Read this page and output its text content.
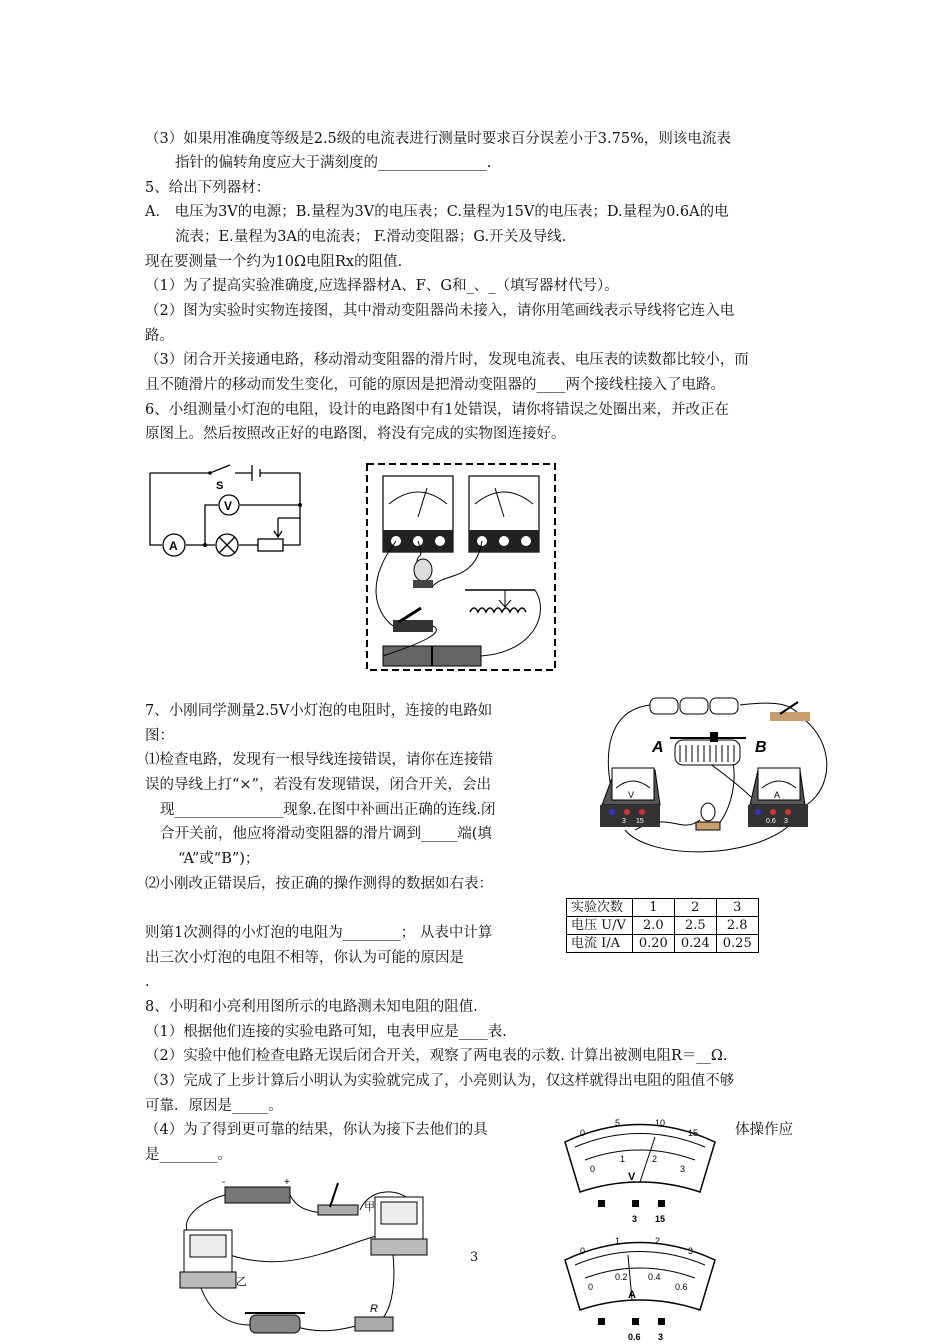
（3）如果用准确度等级是2.5级的电流表进行测量时要求百分误差小于3.75%，则该电流表
指针的偏转角度应大于满刻度的_______________.
5、给出下列器材：
A． 电压为3V的电源；B.量程为3V的电压表；C.量程为15V的电压表；D.量程为0.6A的电
流表；E.量程为3A的电流表； F.滑动变阻器；G.开关及导线.
现在要测量一个约为10Ω电阻Rx的阻值.
（1）为了提高实验准确度,应选择器材A、F、G和_、_（填写器材代号）。
（2）图为实验时实物连接图，其中滑动变阻器尚未接入，请你用笔画线表示导线将它连入电
路。
（3）闭合开关接通电路，移动滑动变阻器的滑片时，发现电流表、电压表的读数都比较小，而
且不随滑片的移动而发生变化，可能的原因是把滑动变阻器的____两个接线柱接入了电路。
6、小组测量小灯泡的电阻，设计的电路图中有1处错误，请你将错误之处圈出来，并改正在
原图上。然后按照改正好的电路图，将没有完成的实物图连接好。
7、小刚同学测量2.5V小灯泡的电阻时，连接的电路如
图：
⑴检查电路，发现有一根导线连接错误，请你在连接错
误的导线上打“×”，若没有发现错误，闭合开关，会出
现_______________现象.在图中补画出正确的连线.闭
合开关前，他应将滑动变阻器的滑片调到_____端(填
“A”或“B”)；
⑵小刚改正错误后，按正确的操作测得的数据如右表：
则第1次测得的小灯泡的电阻为________； 从表中计算
出三次小灯泡的电阻不相等，你认为可能的原因是
.
8、小明和小亮利用图所示的电路测未知电阻的阻值.
（1）根据他们连接的实验电路可知，电表甲应是____表.
（2）实验中他们检查电路无误后闭合开关，观察了两电表的示数. 计算出被测电阻R＝__Ω.
（3）完成了上步计算后小明认为实验就完成了，小亮则认为，仅这样就得出电阻的阻值不够
可靠．原因是_____。
（4）为了得到更可靠的结果，你认为接下去他们的具	体操作应
是________。
实验次数	1	2	3
电压 U/V	2.0	2.5	2.8
电流 I/A	0.20	0.24	0.25
S
V
A
A	B
V
3 15
A
0.6 3
0
5	10
15
0
1	2
3
V
3 15
0
1	2
3
0
0.2 0.4
0.6
A
0.6 3
-	+
乙
甲
R
3
